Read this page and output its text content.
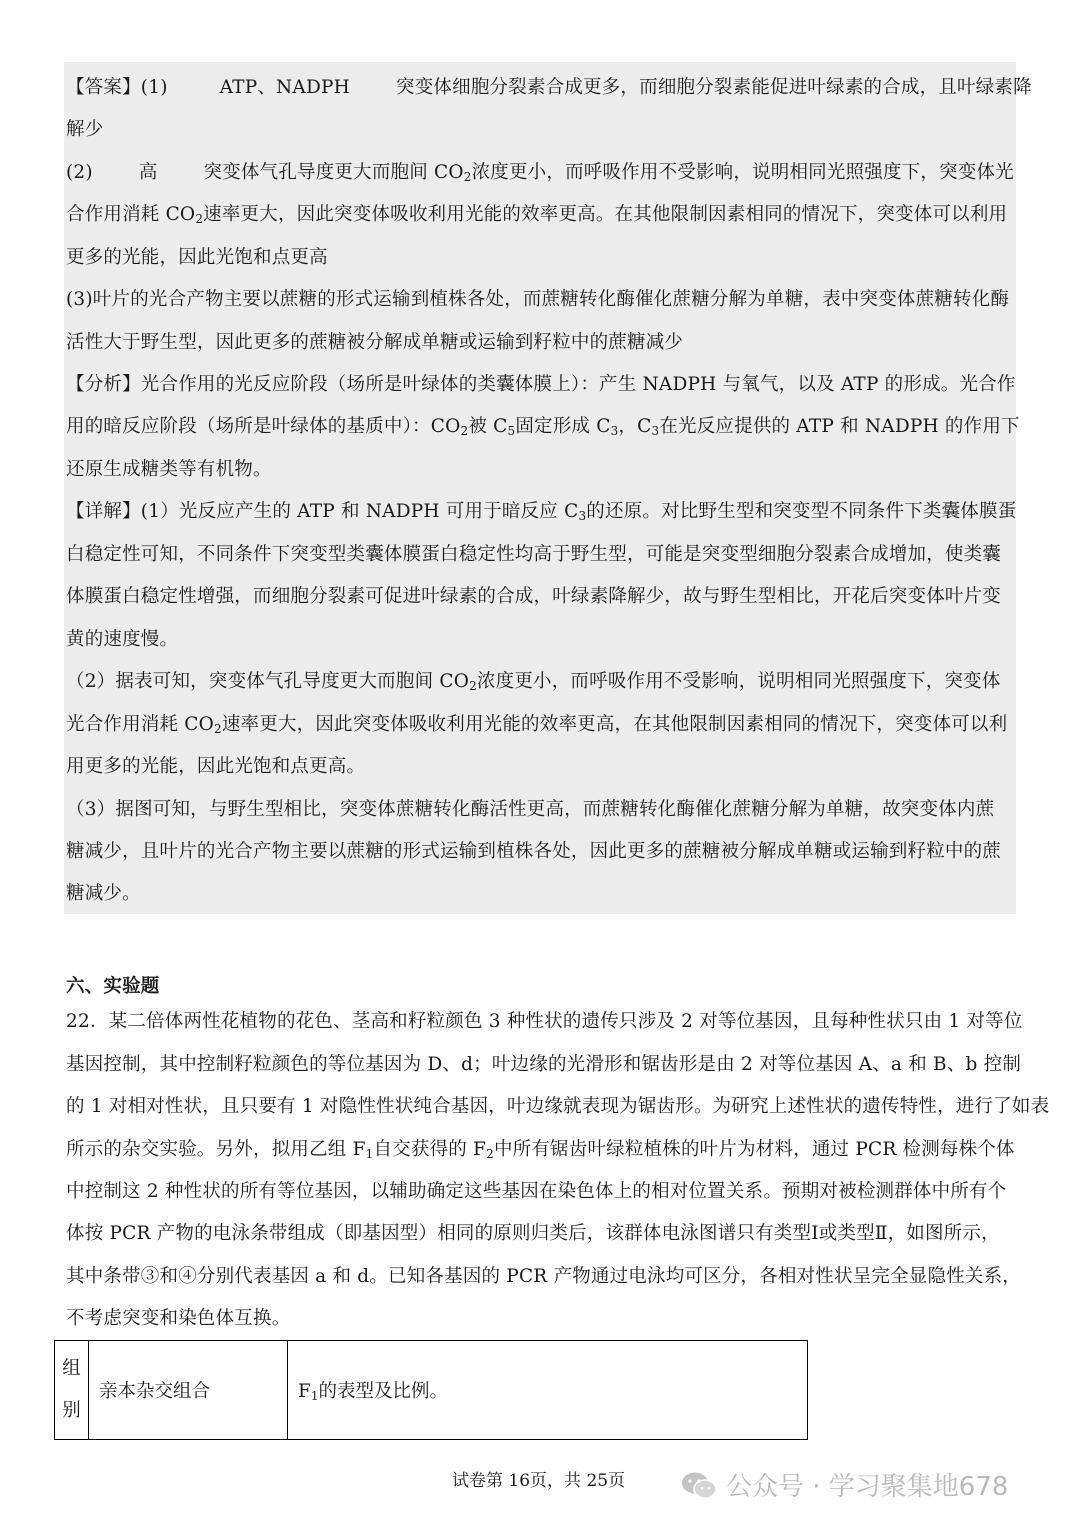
【答案】(1)	ATP、NADPH 突变体细胞分裂素合成更多，而细胞分裂素能促进叶绿素的合成，且叶绿素降
解少
(2) 高 突变体气孔导度更大而胞间 $CO_2$浓度更小，而呼吸作用不受影响，说明相同光照强度下，突变体光
合作用消耗 $CO_2$速率更大，因此突变体吸收利用光能的效率更高。在其他限制因素相同的情况下，突变体可以利用
更多的光能，因此光饱和点更高
(3)叶片的光合产物主要以蔗糖的形式运输到植株各处，而蔗糖转化酶催化蔗糖分解为单糖，表中突变体蔗糖转化酶
活性大于野生型，因此更多的蔗糖被分解成单糖或运输到籽粒中的蔗糖减少
【分析】光合作用的光反应阶段（场所是叶绿体的类囊体膜上）：产生 NADPH 与氧气，以及 ATP 的形成。光合作
用的暗反应阶段（场所是叶绿体的基质中）：$CO_2$被 $C_5$固定形成 $C_3$，$C_3$在光反应提供的 ATP 和 NADPH 的作用下
还原生成糖类等有机物。
【详解】(1）光反应产生的 ATP 和 NADPH 可用于暗反应 $C_3$的还原。对比野生型和突变型不同条件下类囊体膜蛋
白稳定性可知，不同条件下突变型类囊体膜蛋白稳定性均高于野生型，可能是突变型细胞分裂素合成增加，使类囊
体膜蛋白稳定性增强，而细胞分裂素可促进叶绿素的合成，叶绿素降解少，故与野生型相比，开花后突变体叶片变
黄的速度慢。
（2）据表可知，突变体气孔导度更大而胞间 $CO_2$浓度更小，而呼吸作用不受影响，说明相同光照强度下，突变体
光合作用消耗 $CO_2$速率更大，因此突变体吸收利用光能的效率更高，在其他限制因素相同的情况下，突变体可以利
用更多的光能，因此光饱和点更高。
（3）据图可知，与野生型相比，突变体蔗糖转化酶活性更高，而蔗糖转化酶催化蔗糖分解为单糖，故突变体内蔗
糖减少，且叶片的光合产物主要以蔗糖的形式运输到植株各处，因此更多的蔗糖被分解成单糖或运输到籽粒中的蔗
糖减少。
六、实验题
22．某二倍体两性花植物的花色、茎高和籽粒颜色 3 种性状的遗传只涉及 2 对等位基因，且每种性状只由 1 对等位
基因控制，其中控制籽粒颜色的等位基因为 D、d；叶边缘的光滑形和锯齿形是由 2 对等位基因 A、a 和 B、b 控制
的 1 对相对性状，且只要有 1 对隐性性状纯合基因，叶边缘就表现为锯齿形。为研究上述性状的遗传特性，进行了如表
所示的杂交实验。另外，拟用乙组 $F_1$自交获得的 $F_2$中所有锯齿叶绿粒植株的叶片为材料，通过 PCR 检测每株个体
中控制这 2 种性状的所有等位基因，以辅助确定这些基因在染色体上的相对位置关系。预期对被检测群体中所有个
体按 PCR 产物的电泳条带组成（即基因型）相同的原则归类后，该群体电泳图谱只有类型Ⅰ或类型Ⅱ，如图所示，
其中条带③和④分别代表基因 a 和 d。已知各基因的 PCR 产物通过电泳均可区分，各相对性状呈完全显隐性关系，
不考虑突变和染色体互换。
组
别	亲本杂交组合	$F_1$的表型及比例。
试卷第 16页，共 25页	公众号 · 学习聚集地678
